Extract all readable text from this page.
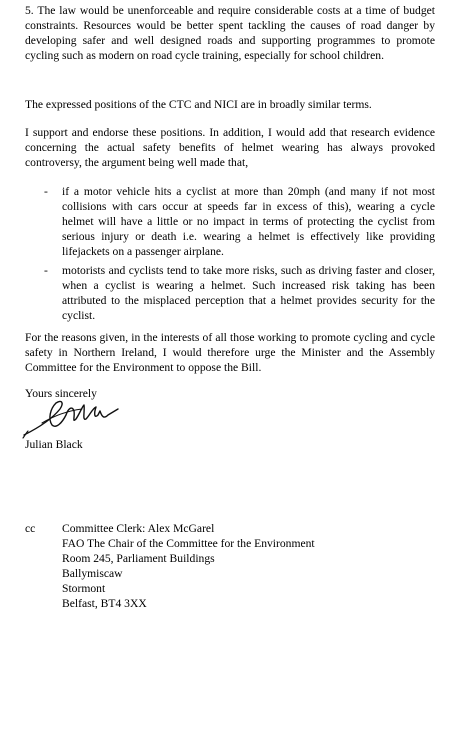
5. The law would be unenforceable and require considerable costs at a time of budget constraints. Resources would be better spent tackling the causes of road danger by developing safer and well designed roads and supporting programmes to promote cycling such as modern on road cycle training, especially for school children.

The expressed positions of the CTC and NICI are in broadly similar terms.

I support and endorse these positions. In addition, I would add that research evidence concerning the actual safety benefits of helmet wearing has always provoked controversy, the argument being well made that,

- if a motor vehicle hits a cyclist at more than 20mph (and many if not most collisions with cars occur at speeds far in excess of this), wearing a cycle helmet will have a little or no impact in terms of protecting the cyclist from serious injury or death i.e. wearing a helmet is effectively like providing lifejackets on a passenger airplane.

- motorists and cyclists tend to take more risks, such as driving faster and closer, when a cyclist is wearing a helmet. Such increased risk taking has been attributed to the misplaced perception that a helmet provides security for the cyclist.

For the reasons given, in the interests of all those working to promote cycling and cycle safety in Northern Ireland, I would therefore urge the Minister and the Assembly Committee for the Environment to oppose the Bill.

Yours sincerely
Julian Black
cc Committee Clerk: Alex McGarel
FAO The Chair of the Committee for the Environment
Room 245, Parliament Buildings
Ballymiscaw
Stormont
Belfast, BT4 3XX
